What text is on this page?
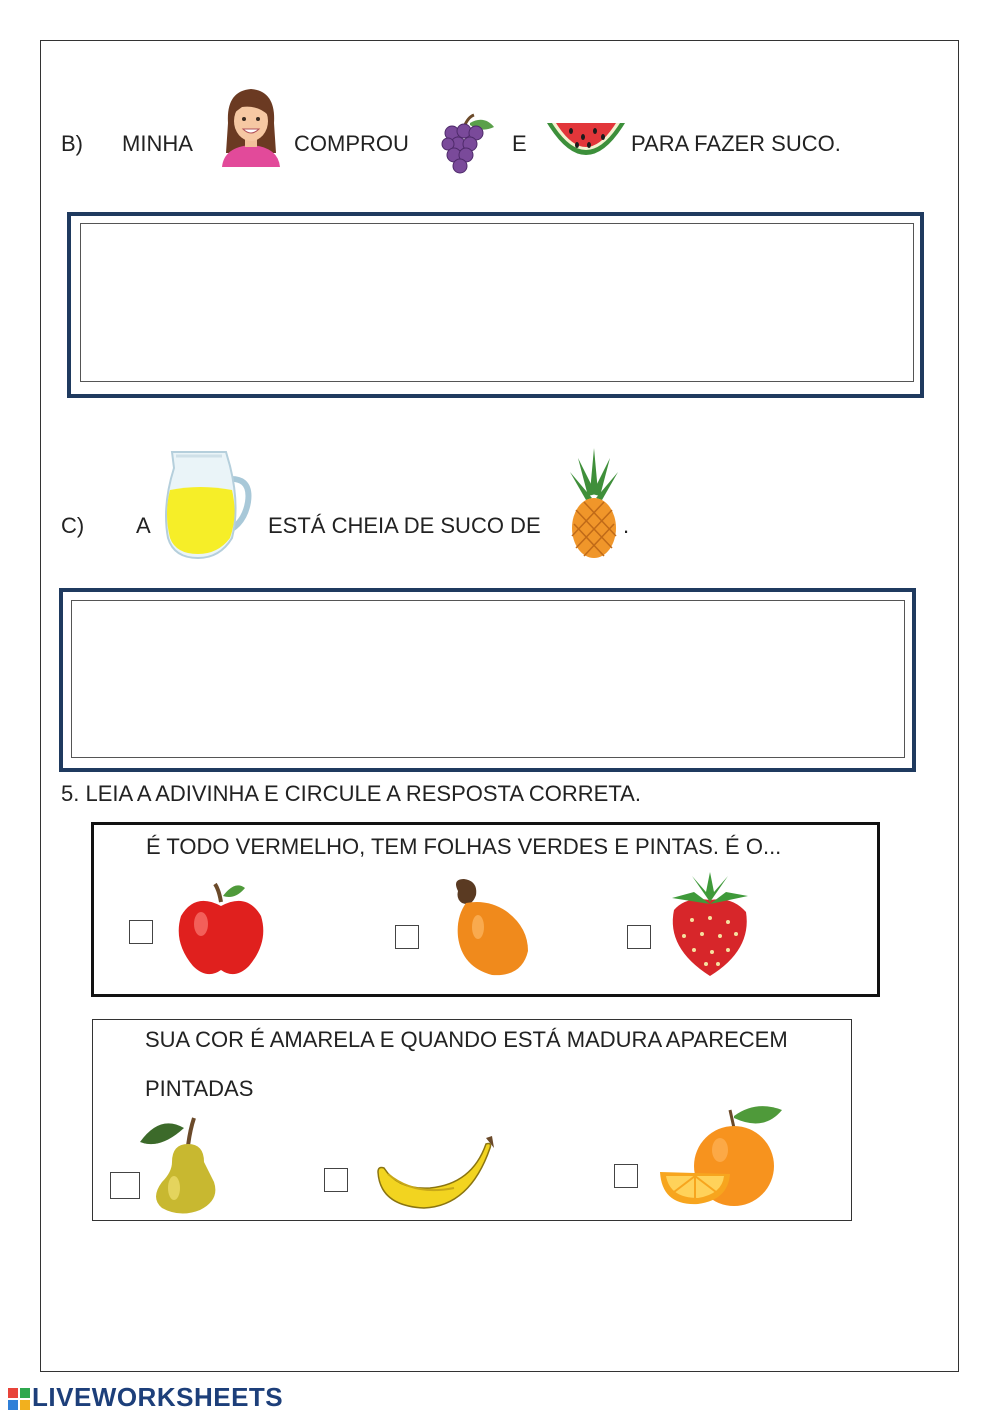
B) MINHA	COMPROU	E	PARA FAZER SUCO.
C) A	ESTÁ CHEIA DE SUCO DE	.
5. LEIA A ADIVINHA E CIRCULE A RESPOSTA CORRETA.
É TODO VERMELHO, TEM FOLHAS VERDES E PINTAS. É O...
SUA COR É AMARELA E QUANDO ESTÁ MADURA APARECEM
PINTADAS
LIVEWORKSHEETS
